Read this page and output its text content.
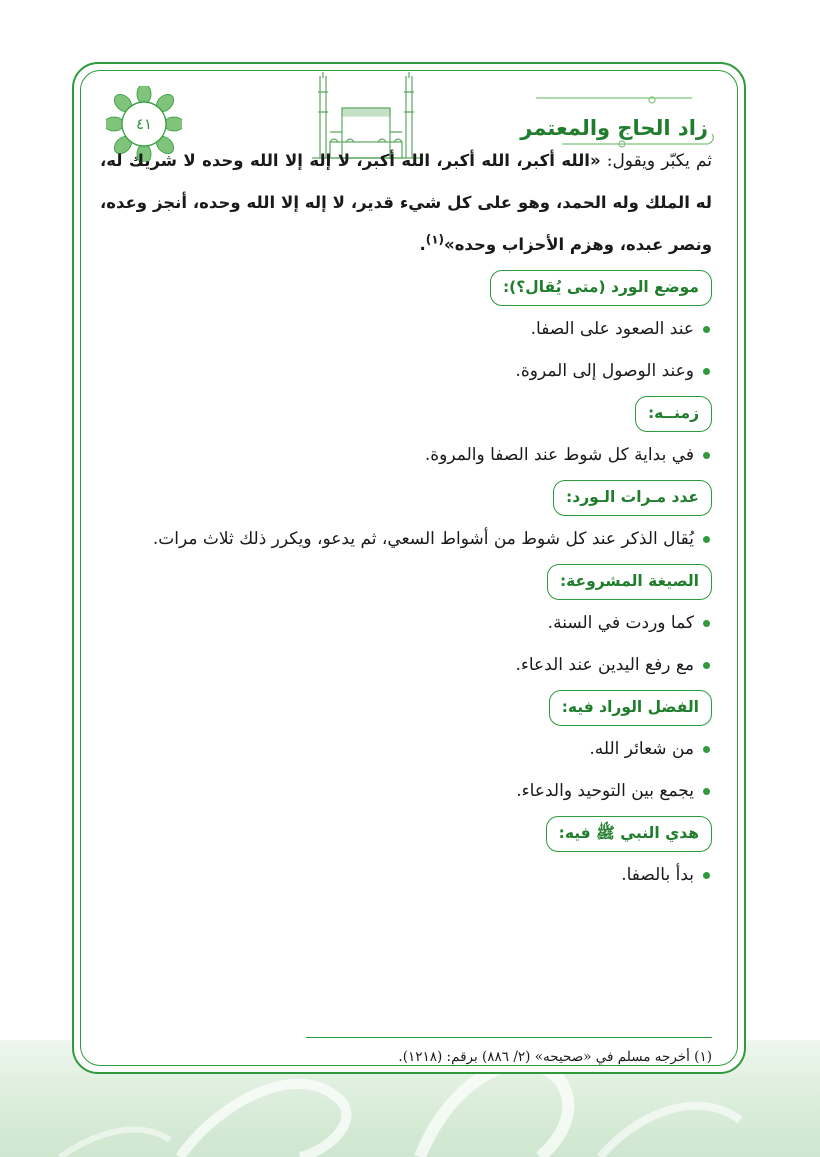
٤١	زاد الحاج والمعتمر

ثم يكبّر ويقول: «الله أكبر، الله أكبر، الله أكبر، لا إله إلا الله وحده لا شريك له، له الملك وله الحمد، وهو على كل شيء قدير، لا إله إلا الله وحده، أنجز وعده، ونصر عبده، وهزم الأحزاب وحده»$^{(١)}$.

موضع الورد (متى يُقال؟):
عند الصعود على الصفا.
وعند الوصول إلى المروة.
زمنــه:
في بداية كل شوط عند الصفا والمروة.
عدد مـرات الـورد:
يُقال الذكر عند كل شوط من أشواط السعي، ثم يدعو، ويكرر ذلك ثلاث مرات.
الصيغة المشروعة:
كما وردت في السنة.
مع رفع اليدين عند الدعاء.
الفضل الوراد فيه:
من شعائر الله.
يجمع بين التوحيد والدعاء.
هدي النبي ﷺ فيه:
بدأ بالصفا.
(١) أخرجه مسلم في «صحيحه» (٢/ ٨٨٦) برقم: (١٢١٨).
